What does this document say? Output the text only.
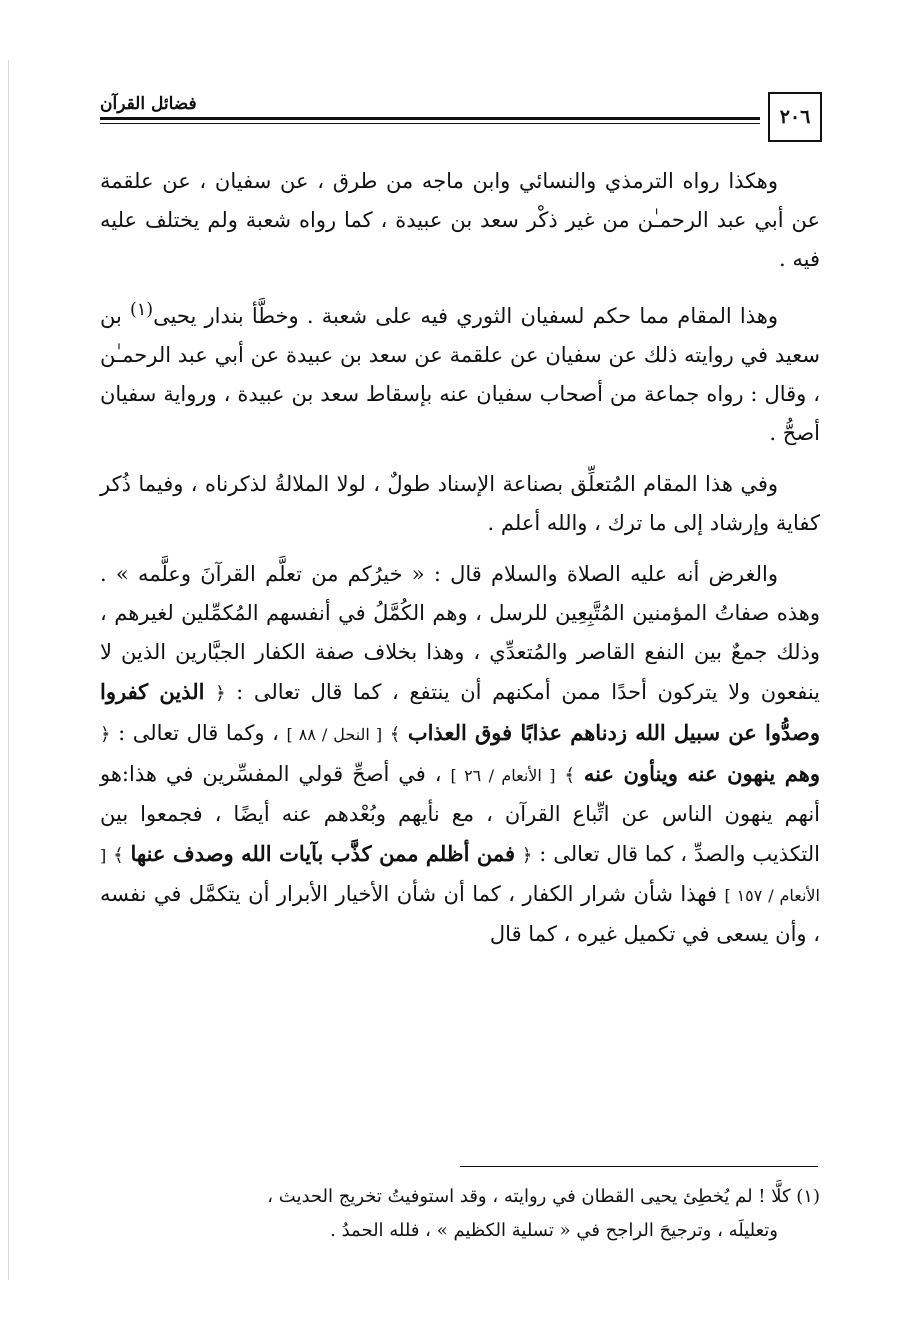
٢٠٦
فضائل القرآن

وهكذا رواه الترمذي والنسائي وابن ماجه من طرق ، عن سفيان ، عن علقمة عن أبي عبد الرحمـٰن من غير ذكْر سعد بن عبيدة ، كما رواه شعبة ولم يختلف عليه فيه .

وهذا المقام مما حكم لسفيان الثوري فيه على شعبة . وخطَّأ بندار يحيى$^{(١)}$ بن سعيد في روايته ذلك عن سفيان عن علقمة عن سعد بن عبيدة عن أبي عبد الرحمـٰن ، وقال : رواه جماعة من أصحاب سفيان عنه بإسقاط سعد بن عبيدة ، ورواية سفيان أصحُّ .

وفي هذا المقام المُتعلِّق بصناعة الإسناد طولٌ ، لولا الملالةُ لذكرناه ، وفيما ذُكر كفاية وإرشاد إلى ما ترك ، والله أعلم .

والغرض أنه عليه الصلاة والسلام قال : « خيرُكم من تعلَّم القرآنَ وعلَّمه » . وهذه صفاتُ المؤمنين المُتَّبِعِين للرسل ، وهم الكُمَّلُ في أنفسهم المُكمِّلين لغيرهم ، وذلك جمعٌ بين النفع القاصر والمُتعدِّي ، وهذا بخلاف صفة الكفار الجبَّارين الذين لا ينفعون ولا يتركون أحدًا ممن أمكنهم أن ينتفع ، كما قال تعالى : ﴿ الذين كفروا وصدُّوا عن سبيل الله زدناهم عذابًا فوق العذاب ﴾ [ النحل / ٨٨ ] ، وكما قال تعالى : ﴿ وهم ينهون عنه وينأون عنه ﴾ [ الأنعام / ٢٦ ] ، في أصحِّ قولي المفسِّرين في هذا:هو أنهم ينهون الناس عن اتِّباع القرآن ، مع نأيهم وبُعْدهم عنه أيضًا ، فجمعوا بين التكذيب والصدِّ ، كما قال تعالى : ﴿ فمن أظلم ممن كذَّب بآيات الله وصدف عنها ﴾ [ الأنعام / ١٥٧ ] فهذا شأن شرار الكفار ، كما أن شأن الأخيار الأبرار أن يتكمَّل في نفسه ، وأن يسعى في تكميل غيره ، كما قال

(١) كلَّا ! لم يُخطِئ يحيى القطان في روايته ، وقد استوفيتُ تخريج الحديث ،
وتعليلَه ، وترجيحَ الراجح في « تسلية الكظيم » ، فلله الحمدُ .
